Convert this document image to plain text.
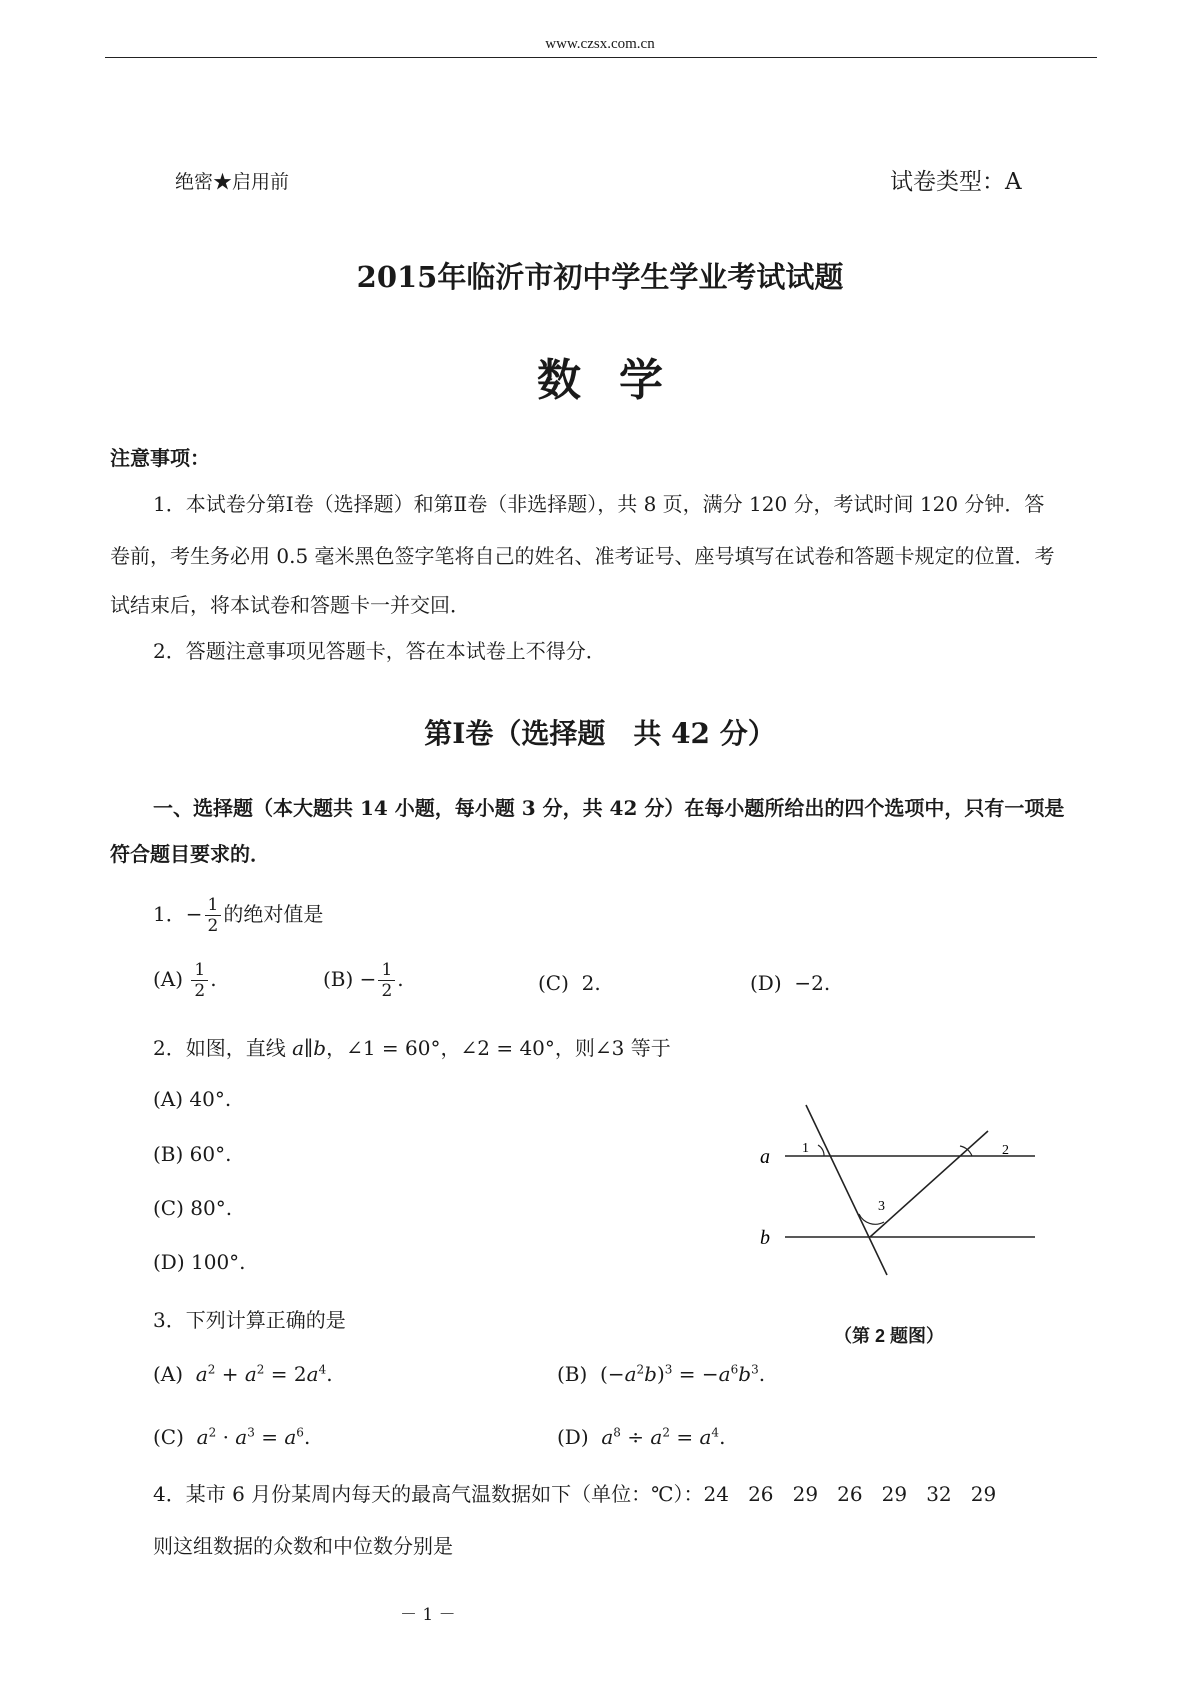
www.czsx.com.cn
绝密★启用前	试卷类型：A
2015年临沂市初中学生学业考试试题
数学
注意事项：
1．本试卷分第Ⅰ卷（选择题）和第Ⅱ卷（非选择题），共 8 页，满分 120 分，考试时间 120 分钟．答
卷前，考生务必用 0.5 毫米黑色签字笔将自己的姓名、准考证号、座号填写在试卷和答题卡规定的位置．考
试结束后，将本试卷和答题卡一并交回．
2．答题注意事项见答题卡，答在本试卷上不得分．
第Ⅰ卷（选择题　共 42 分）
一、选择题（本大题共 14 小题，每小题 3 分，共 42 分）在每小题所给出的四个选项中，只有一项是
符合题目要求的．
1．− $\frac{1}{2}$ 的绝对值是
$(A) \frac{1}{2}$ .	$(B) - \frac{1}{2}$ .	(C) 2.	(D) −2.
2．如图，直线 a∥b，∠1 = 60°，∠2 = 40°，则∠3 等于
(A) 40°.
(B) 60°.
(C) 80°.
(D) 100°.
a
b
1	2
3
（第 2 题图）
3．下列计算正确的是
(A) $a^2 + a^2 = 2a^4$.	(B)  $(-a^2b)^3 = -a^6b^3$.
(C) $a^2 \cdot a^3 = a^6$.	(D) $a^8 \div a^2 = a^4$.
4．某市 6 月份某周内每天的最高气温数据如下（单位：℃）：24 26 29 26 29 32 29
则这组数据的众数和中位数分别是
－ 1 －
